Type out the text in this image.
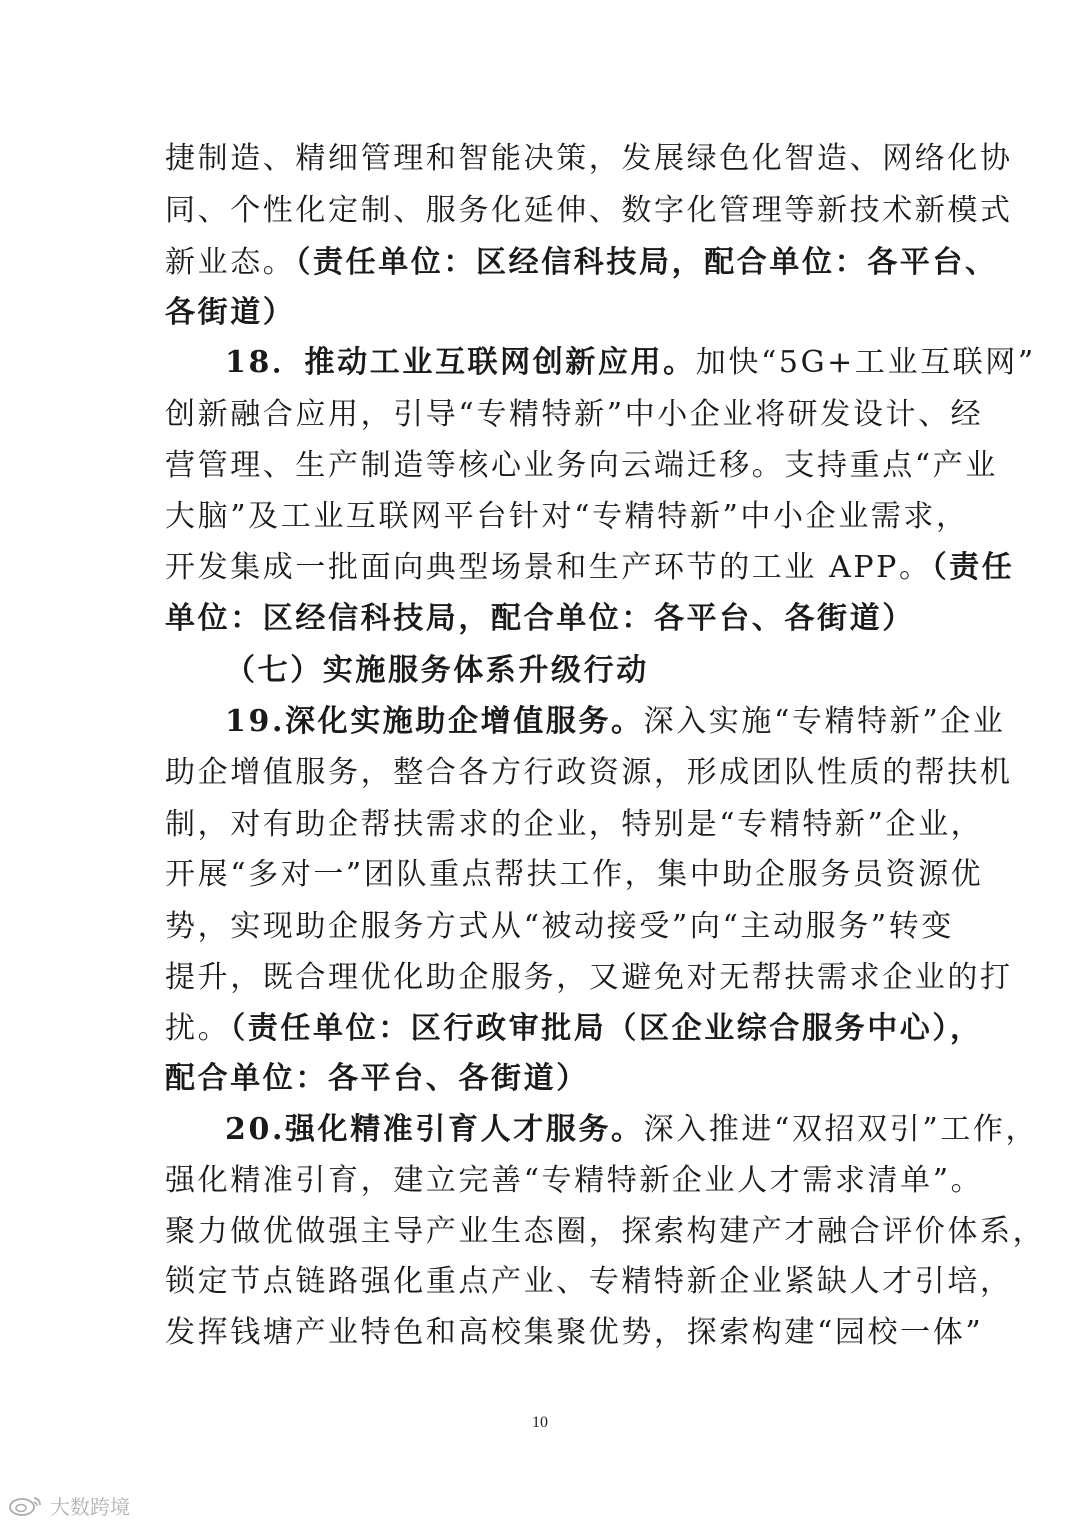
捷制造、精细管理和智能决策，发展绿色化智造、网络化协
同、个性化定制、服务化延伸、数字化管理等新技术新模式
新业态。（责任单位：区经信科技局，配合单位：各平台、
各街道）
18．推动工业互联网创新应用。加快“5G+工业互联网”
创新融合应用，引导“专精特新”中小企业将研发设计、经
营管理、生产制造等核心业务向云端迁移。支持重点“产业
大脑”及工业互联网平台针对“专精特新”中小企业需求，
开发集成一批面向典型场景和生产环节的工业 APP。（责任
单位：区经信科技局，配合单位：各平台、各街道）
（七）实施服务体系升级行动
19.深化实施助企增值服务。深入实施“专精特新”企业
助企增值服务，整合各方行政资源，形成团队性质的帮扶机
制，对有助企帮扶需求的企业，特别是“专精特新”企业，
开展“多对一”团队重点帮扶工作，集中助企服务员资源优
势，实现助企服务方式从“被动接受”向“主动服务”转变
提升，既合理优化助企服务，又避免对无帮扶需求企业的打
扰。（责任单位：区行政审批局（区企业综合服务中心），
配合单位：各平台、各街道）
20.强化精准引育人才服务。深入推进“双招双引”工作，
强化精准引育，建立完善“专精特新企业人才需求清单”。
聚力做优做强主导产业生态圈，探索构建产才融合评价体系，
锁定节点链路强化重点产业、专精特新企业紧缺人才引培，
发挥钱塘产业特色和高校集聚优势，探索构建“园校一体”
10
大数跨境
